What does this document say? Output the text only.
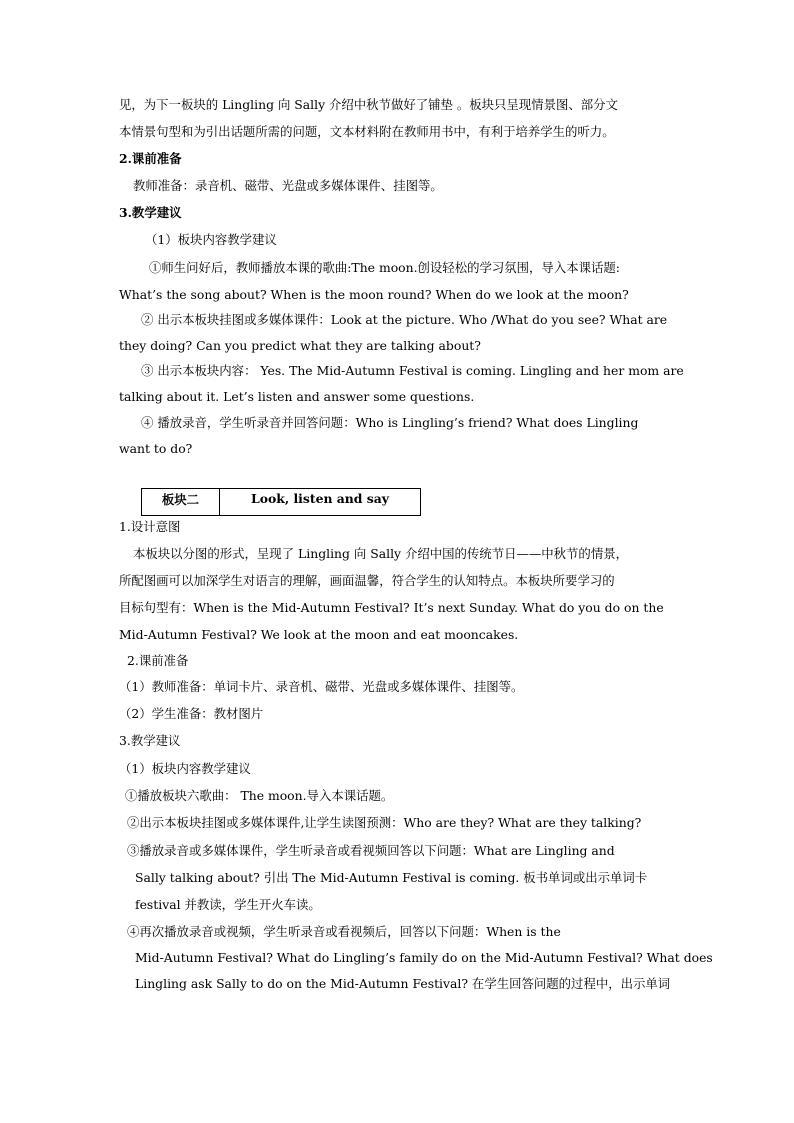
见，为下一板块的 Lingling 向 Sally 介绍中秋节做好了铺垫 。板块只呈现情景图、部分文
本情景句型和为引出话题所需的问题，文本材料附在教师用书中，有利于培养学生的听力。
2.课前准备
教师准备：录音机、磁带、光盘或多媒体课件、挂图等。
3.教学建议
（1）板块内容教学建议
①师生问好后，教师播放本课的歌曲:The moon.创设轻松的学习氛围，导入本课话题:
What’s the song about? When is the moon round? When do we look at the moon?
② 出示本板块挂图或多媒体课件：Look at the picture. Who /What do you see? What are
they doing? Can you predict what they are talking about?
③ 出示本板块内容： Yes. The Mid-Autumn Festival is coming. Lingling and her mom are
talking about it. Let’s listen and answer some questions.
④ 播放录音，学生听录音并回答问题：Who is Lingling’s friend? What does Lingling
want to do?
板块二	Look, listen and say
1.设计意图
本板块以分图的形式，呈现了 Lingling 向 Sally 介绍中国的传统节日——中秋节的情景，
所配图画可以加深学生对语言的理解，画面温馨，符合学生的认知特点。本板块所要学习的
目标句型有：When is the Mid-Autumn Festival? It’s next Sunday. What do you do on the
Mid-Autumn Festival? We look at the moon and eat mooncakes.
2.课前准备
（1）教师准备：单词卡片、录音机、磁带、光盘或多媒体课件、挂图等。
（2）学生准备：教材图片
3.教学建议
（1）板块内容教学建议
①播放板块六歌曲： The moon.导入本课话题。
②出示本板块挂图或多媒体课件,让学生读图预测：Who are they? What are they talking?
③播放录音或多媒体课件，学生听录音或看视频回答以下问题：What are Lingling and
Sally talking about? 引出 The Mid-Autumn Festival is coming. 板书单词或出示单词卡
festival 并教读，学生开火车读。
④再次播放录音或视频，学生听录音或看视频后，回答以下问题：When is the
Mid-Autumn Festival? What do Lingling’s family do on the Mid-Autumn Festival? What does
Lingling ask Sally to do on the Mid-Autumn Festival? 在学生回答问题的过程中，出示单词
